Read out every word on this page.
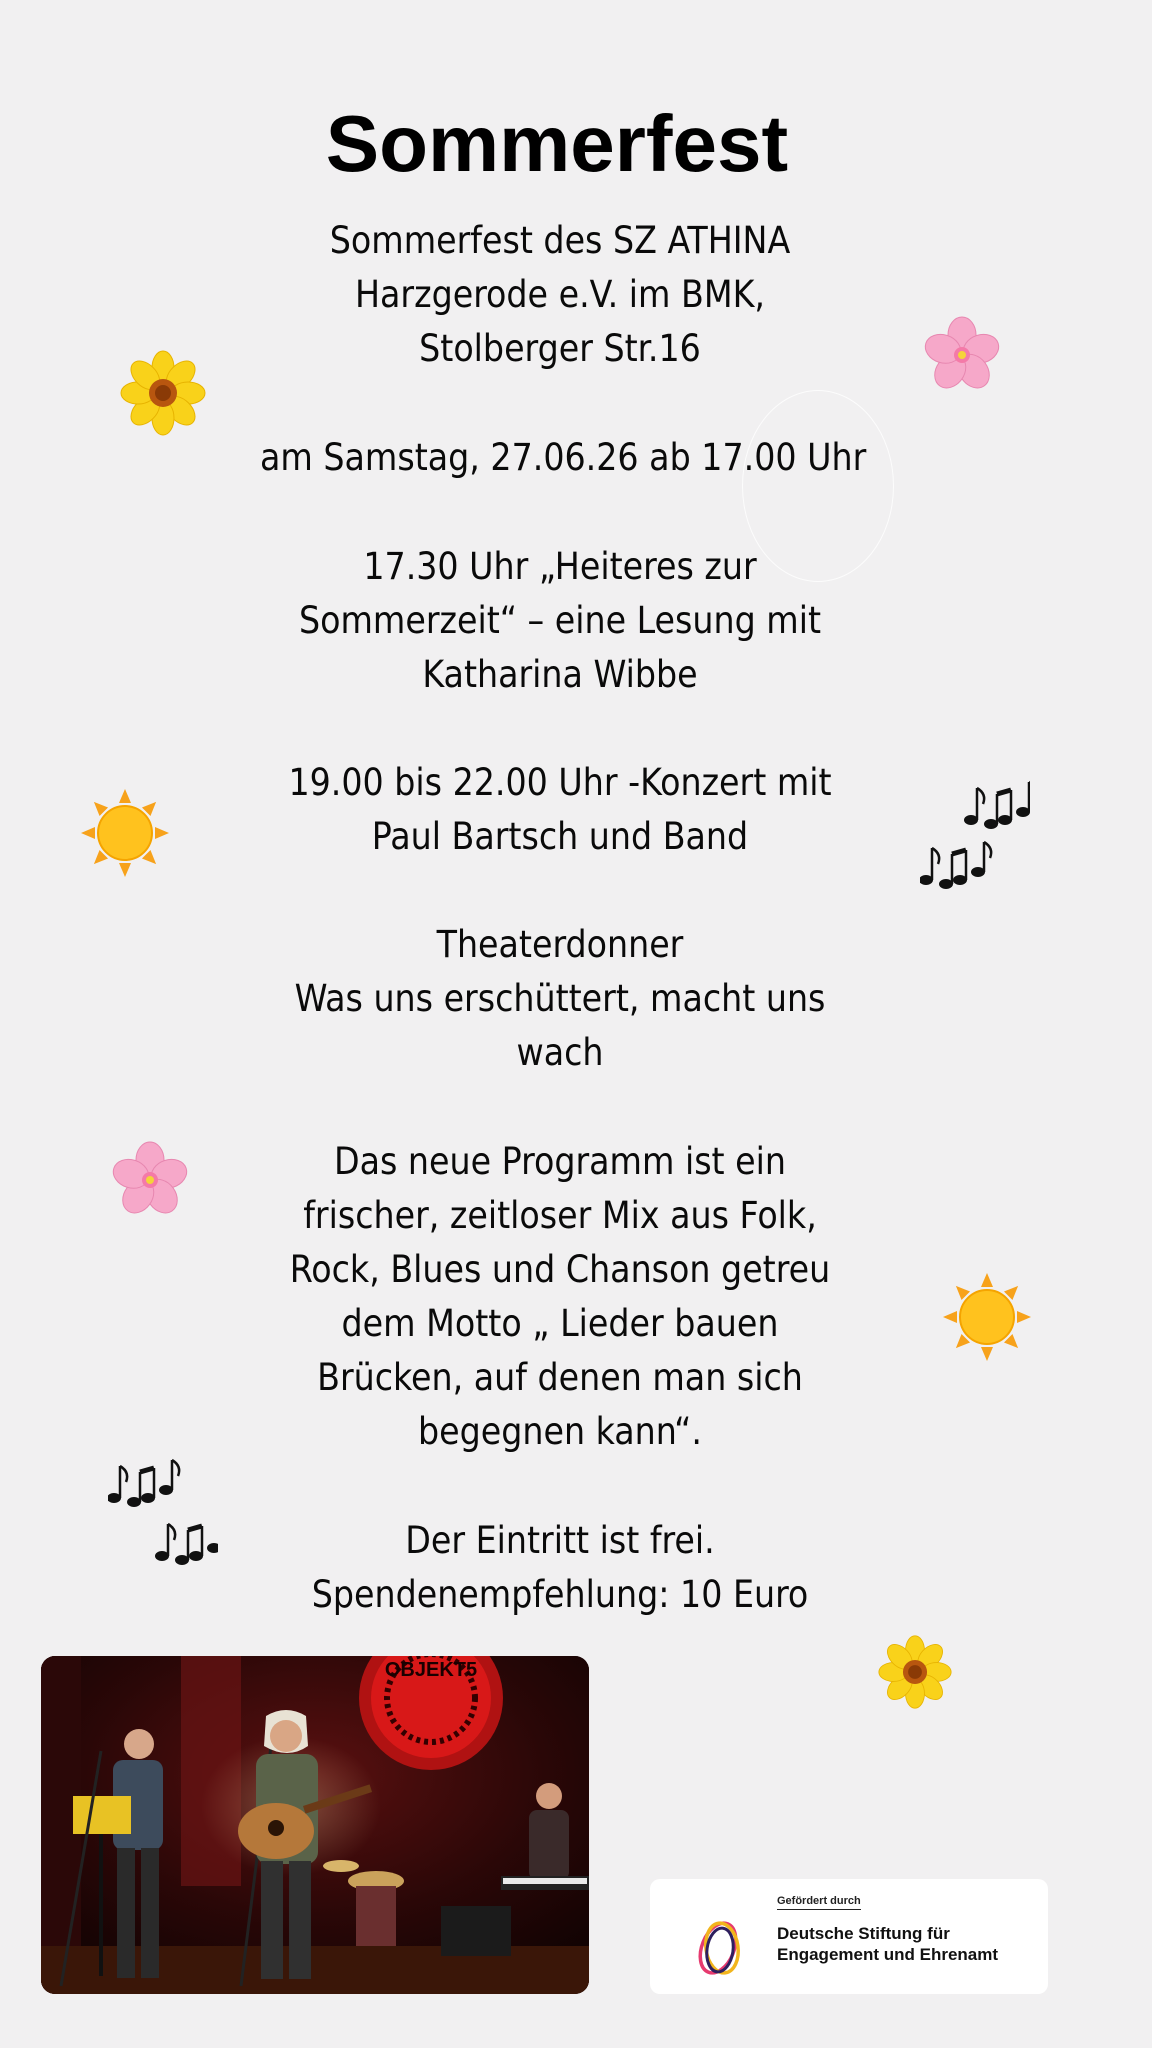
Sommerfest
Sommerfest des SZ ATHINA
Harzgerode e.V. im BMK,
Stolberger Str.16
am Samstag, 27.06.26 ab 17.00 Uhr
17.30 Uhr „Heiteres zur
Sommerzeit“ – eine Lesung mit
Katharina Wibbe
19.00 bis 22.00 Uhr -Konzert mit
Paul Bartsch und Band
Theaterdonner
Was uns erschüttert, macht uns
wach
Das neue Programm ist ein
frischer, zeitloser Mix aus Folk,
Rock, Blues und Chanson getreu
dem Motto „ Lieder bauen
Brücken, auf denen man sich
begegnen kann“.
Der Eintritt ist frei.
Spendenempfehlung: 10 Euro
OBJEKT5
Gefördert durch
Deutsche Stiftung für
Engagement und Ehrenamt
